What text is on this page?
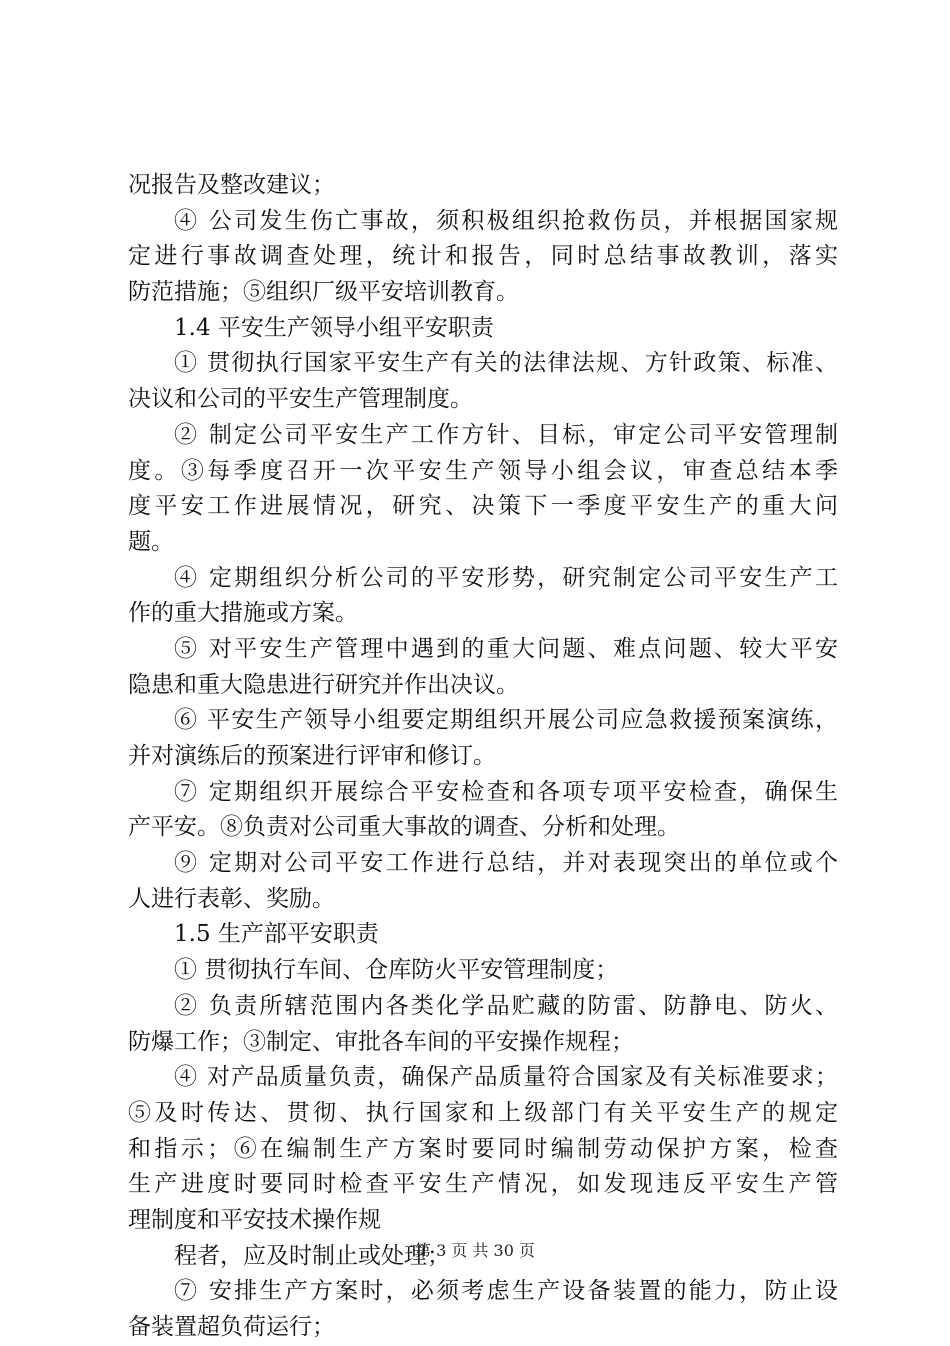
况报告及整改建议；
④ 公司发生伤亡事故，须积极组织抢救伤员，并根据国家规
定进行事故调查处理，统计和报告，同时总结事故教训，落实
防范措施；⑤组织厂级平安培训教育。
1.4 平安生产领导小组平安职责
① 贯彻执行国家平安生产有关的法律法规、方针政策、标准、
决议和公司的平安生产管理制度。
② 制定公司平安生产工作方针、目标，审定公司平安管理制
度。③每季度召开一次平安生产领导小组会议，审查总结本季
度平安工作进展情况，研究、决策下一季度平安生产的重大问
题。
④ 定期组织分析公司的平安形势，研究制定公司平安生产工
作的重大措施或方案。
⑤ 对平安生产管理中遇到的重大问题、难点问题、较大平安
隐患和重大隐患进行研究并作出决议。
⑥ 平安生产领导小组要定期组织开展公司应急救援预案演练，
并对演练后的预案进行评审和修订。
⑦ 定期组织开展综合平安检查和各项专项平安检查，确保生
产平安。⑧负责对公司重大事故的调查、分析和处理。
⑨ 定期对公司平安工作进行总结，并对表现突出的单位或个
人进行表彰、奖励。
1.5 生产部平安职责
① 贯彻执行车间、仓库防火平安管理制度；
② 负责所辖范围内各类化学品贮藏的防雷、防静电、防火、
防爆工作；③制定、审批各车间的平安操作规程；
④ 对产品质量负责，确保产品质量符合国家及有关标准要求；
⑤及时传达、贯彻、执行国家和上级部门有关平安生产的规定
和指示；⑥在编制生产方案时要同时编制劳动保护方案，检查
生产进度时要同时检查平安生产情况，如发现违反平安生产管
理制度和平安技术操作规
程者，应及时制止或处理；
⑦ 安排生产方案时，必须考虑生产设备装置的能力，防止设
备装置超负荷运行；
第 3 页 共 30 页
